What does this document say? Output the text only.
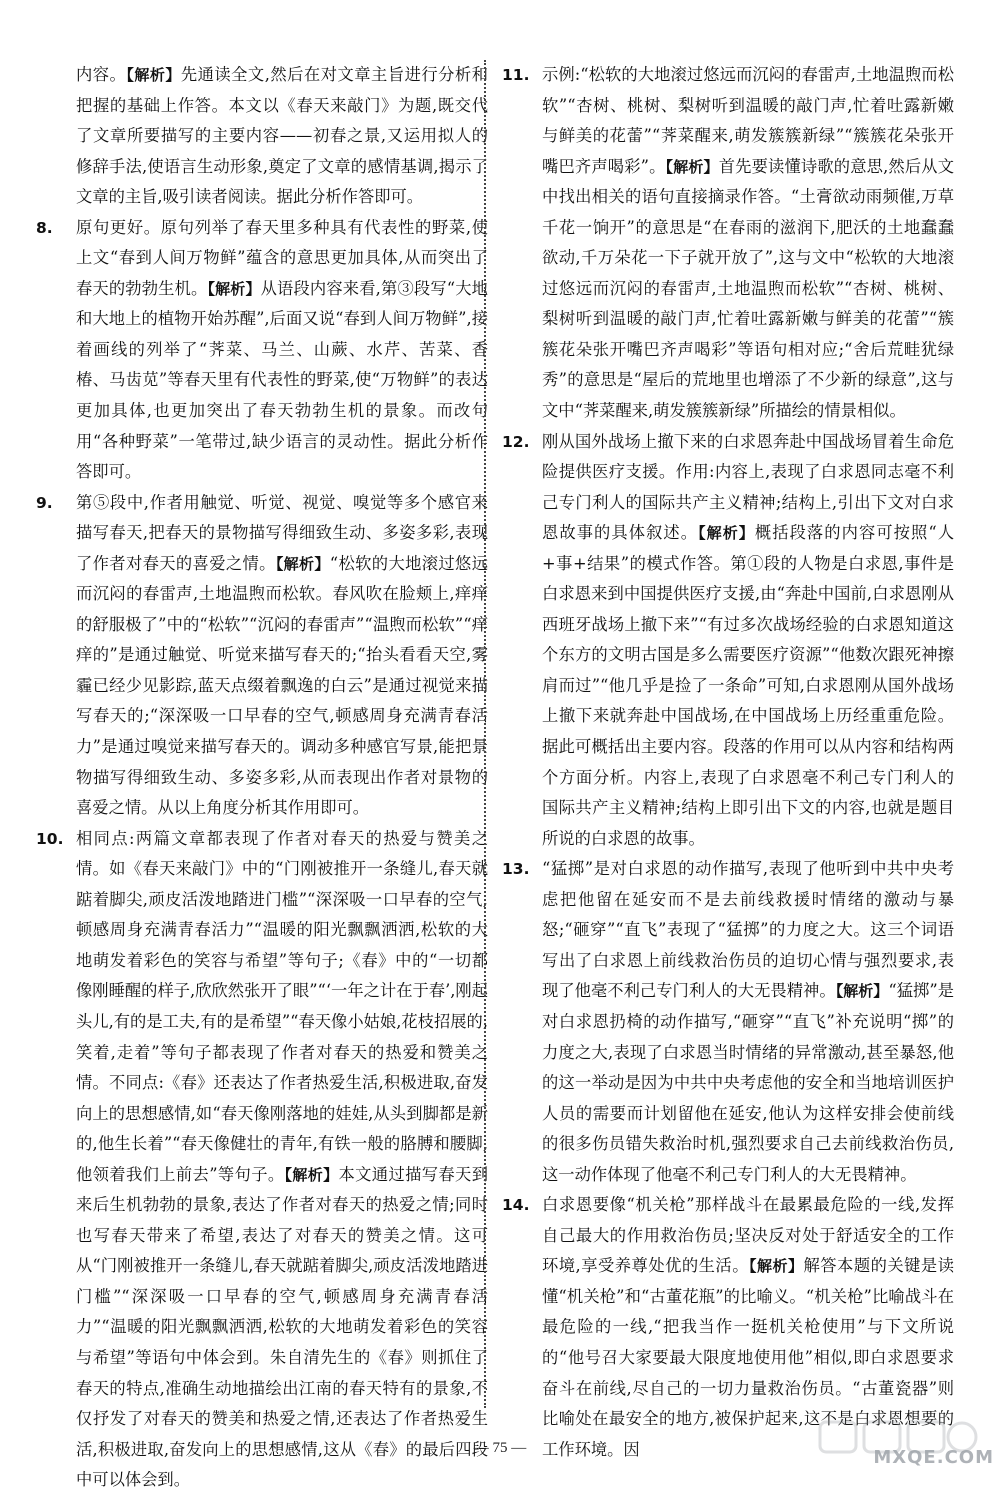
内容。【解析】先通读全文,然后在对文章主旨进行分析和把握的基础上作答。本文以《春天来敲门》为题,既交代了文章所要描写的主要内容——初春之景,又运用拟人的修辞手法,使语言生动形象,奠定了文章的感情基调,揭示了文章的主旨,吸引读者阅读。据此分析作答即可。

8. 原句更好。原句列举了春天里多种具有代表性的野菜,使上文“春到人间万物鲜”蕴含的意思更加具体,从而突出了春天的勃勃生机。【解析】从语段内容来看,第③段写“大地和大地上的植物开始苏醒”,后面又说“春到人间万物鲜”,接着画线的列举了“荠菜、马兰、山蕨、水芹、苦菜、香椿、马齿苋”等春天里有代表性的野菜,使“万物鲜”的表达更加具体,也更加突出了春天勃勃生机的景象。而改句用“各种野菜”一笔带过,缺少语言的灵动性。据此分析作答即可。

9. 第⑤段中,作者用触觉、听觉、视觉、嗅觉等多个感官来描写春天,把春天的景物描写得细致生动、多姿多彩,表现了作者对春天的喜爱之情。【解析】“松软的大地滚过悠远而沉闷的春雷声,土地温煦而松软。春风吹在脸颊上,痒痒的舒服极了”中的“松软”“沉闷的春雷声”“温煦而松软”“痒痒的”是通过触觉、听觉来描写春天的;“抬头看看天空,雾霾已经少见影踪,蓝天点缀着飘逸的白云”是通过视觉来描写春天的;“深深吸一口早春的空气,顿感周身充满青春活力”是通过嗅觉来描写春天的。调动多种感官写景,能把景物描写得细致生动、多姿多彩,从而表现出作者对景物的喜爱之情。从以上角度分析其作用即可。

10. 相同点:两篇文章都表现了作者对春天的热爱与赞美之情。如《春天来敲门》中的“门刚被推开一条缝儿,春天就踮着脚尖,顽皮活泼地踏进门槛”“深深吸一口早春的空气,顿感周身充满青春活力”“温暖的阳光飘飘洒洒,松软的大地萌发着彩色的笑容与希望”等句子;《春》中的“一切都像刚睡醒的样子,欣欣然张开了眼”“‘一年之计在于春’,刚起头儿,有的是工夫,有的是希望”“春天像小姑娘,花枝招展的,笑着,走着”等句子都表现了作者对春天的热爱和赞美之情。不同点:《春》还表达了作者热爱生活,积极进取,奋发向上的思想感情,如“春天像刚落地的娃娃,从头到脚都是新的,他生长着”“春天像健壮的青年,有铁一般的胳膊和腰脚,他领着我们上前去”等句子。【解析】本文通过描写春天到来后生机勃勃的景象,表达了作者对春天的热爱之情;同时也写春天带来了希望,表达了对春天的赞美之情。这可从“门刚被推开一条缝儿,春天就踮着脚尖,顽皮活泼地踏进门槛”“深深吸一口早春的空气,顿感周身充满青春活力”“温暖的阳光飘飘洒洒,松软的大地萌发着彩色的笑容与希望”等语句中体会到。朱自清先生的《春》则抓住了春天的特点,准确生动地描绘出江南的春天特有的景象,不仅抒发了对春天的赞美和热爱之情,还表达了作者热爱生活,积极进取,奋发向上的思想感情,这从《春》的最后四段中可以体会到。

11. 示例:“松软的大地滚过悠远而沉闷的春雷声,土地温煦而松软”“杏树、桃树、梨树听到温暖的敲门声,忙着吐露新嫩与鲜美的花蕾”“荠菜醒来,萌发簇簇新绿”“簇簇花朵张开嘴巴齐声喝彩”。【解析】首先要读懂诗歌的意思,然后从文中找出相关的语句直接摘录作答。“土膏欲动雨频催,万草千花一饷开”的意思是“在春雨的滋润下,肥沃的土地蠢蠢欲动,千万朵花一下子就开放了”,这与文中“松软的大地滚过悠远而沉闷的春雷声,土地温煦而松软”“杏树、桃树、梨树听到温暖的敲门声,忙着吐露新嫩与鲜美的花蕾”“簇簇花朵张开嘴巴齐声喝彩”等语句相对应;“舍后荒畦犹绿秀”的意思是“屋后的荒地里也增添了不少新的绿意”,这与文中“荠菜醒来,萌发簇簇新绿”所描绘的情景相似。

12. 刚从国外战场上撤下来的白求恩奔赴中国战场冒着生命危险提供医疗支援。作用:内容上,表现了白求恩同志毫不利己专门利人的国际共产主义精神;结构上,引出下文对白求恩故事的具体叙述。【解析】概括段落的内容可按照“人+事+结果”的模式作答。第①段的人物是白求恩,事件是白求恩来到中国提供医疗支援,由“奔赴中国前,白求恩刚从西班牙战场上撤下来”“有过多次战场经验的白求恩知道这个东方的文明古国是多么需要医疗资源”“他数次跟死神擦肩而过”“他几乎是捡了一条命”可知,白求恩刚从国外战场上撤下来就奔赴中国战场,在中国战场上历经重重危险。据此可概括出主要内容。段落的作用可以从内容和结构两个方面分析。内容上,表现了白求恩毫不利己专门利人的国际共产主义精神;结构上即引出下文的内容,也就是题目所说的白求恩的故事。

13. “猛掷”是对白求恩的动作描写,表现了他听到中共中央考虑把他留在延安而不是去前线救援时情绪的激动与暴怒;“砸穿”“直飞”表现了“猛掷”的力度之大。这三个词语写出了白求恩上前线救治伤员的迫切心情与强烈要求,表现了他毫不利己专门利人的大无畏精神。【解析】“猛掷”是对白求恩扔椅的动作描写,“砸穿”“直飞”补充说明“掷”的力度之大,表现了白求恩当时情绪的异常激动,甚至暴怒,他的这一举动是因为中共中央考虑他的安全和当地培训医护人员的需要而计划留他在延安,他认为这样安排会使前线的很多伤员错失救治时机,强烈要求自己去前线救治伤员,这一动作体现了他毫不利己专门利人的大无畏精神。

14. 白求恩要像“机关枪”那样战斗在最累最危险的一线,发挥自己最大的作用救治伤员;坚决反对处于舒适安全的工作环境,享受养尊处优的生活。【解析】解答本题的关键是读懂“机关枪”和“古董花瓶”的比喻义。“机关枪”比喻战斗在最危险的一线,“把我当作一挺机关枪使用”与下文所说的“他号召大家要最大限度地使用他”相似,即白求恩要求奋斗在前线,尽自己的一切力量救治伤员。“古董瓷器”则比喻处在最安全的地方,被保护起来,这不是白求恩想要的工作环境。因

— 75 —	MXQE.COM
